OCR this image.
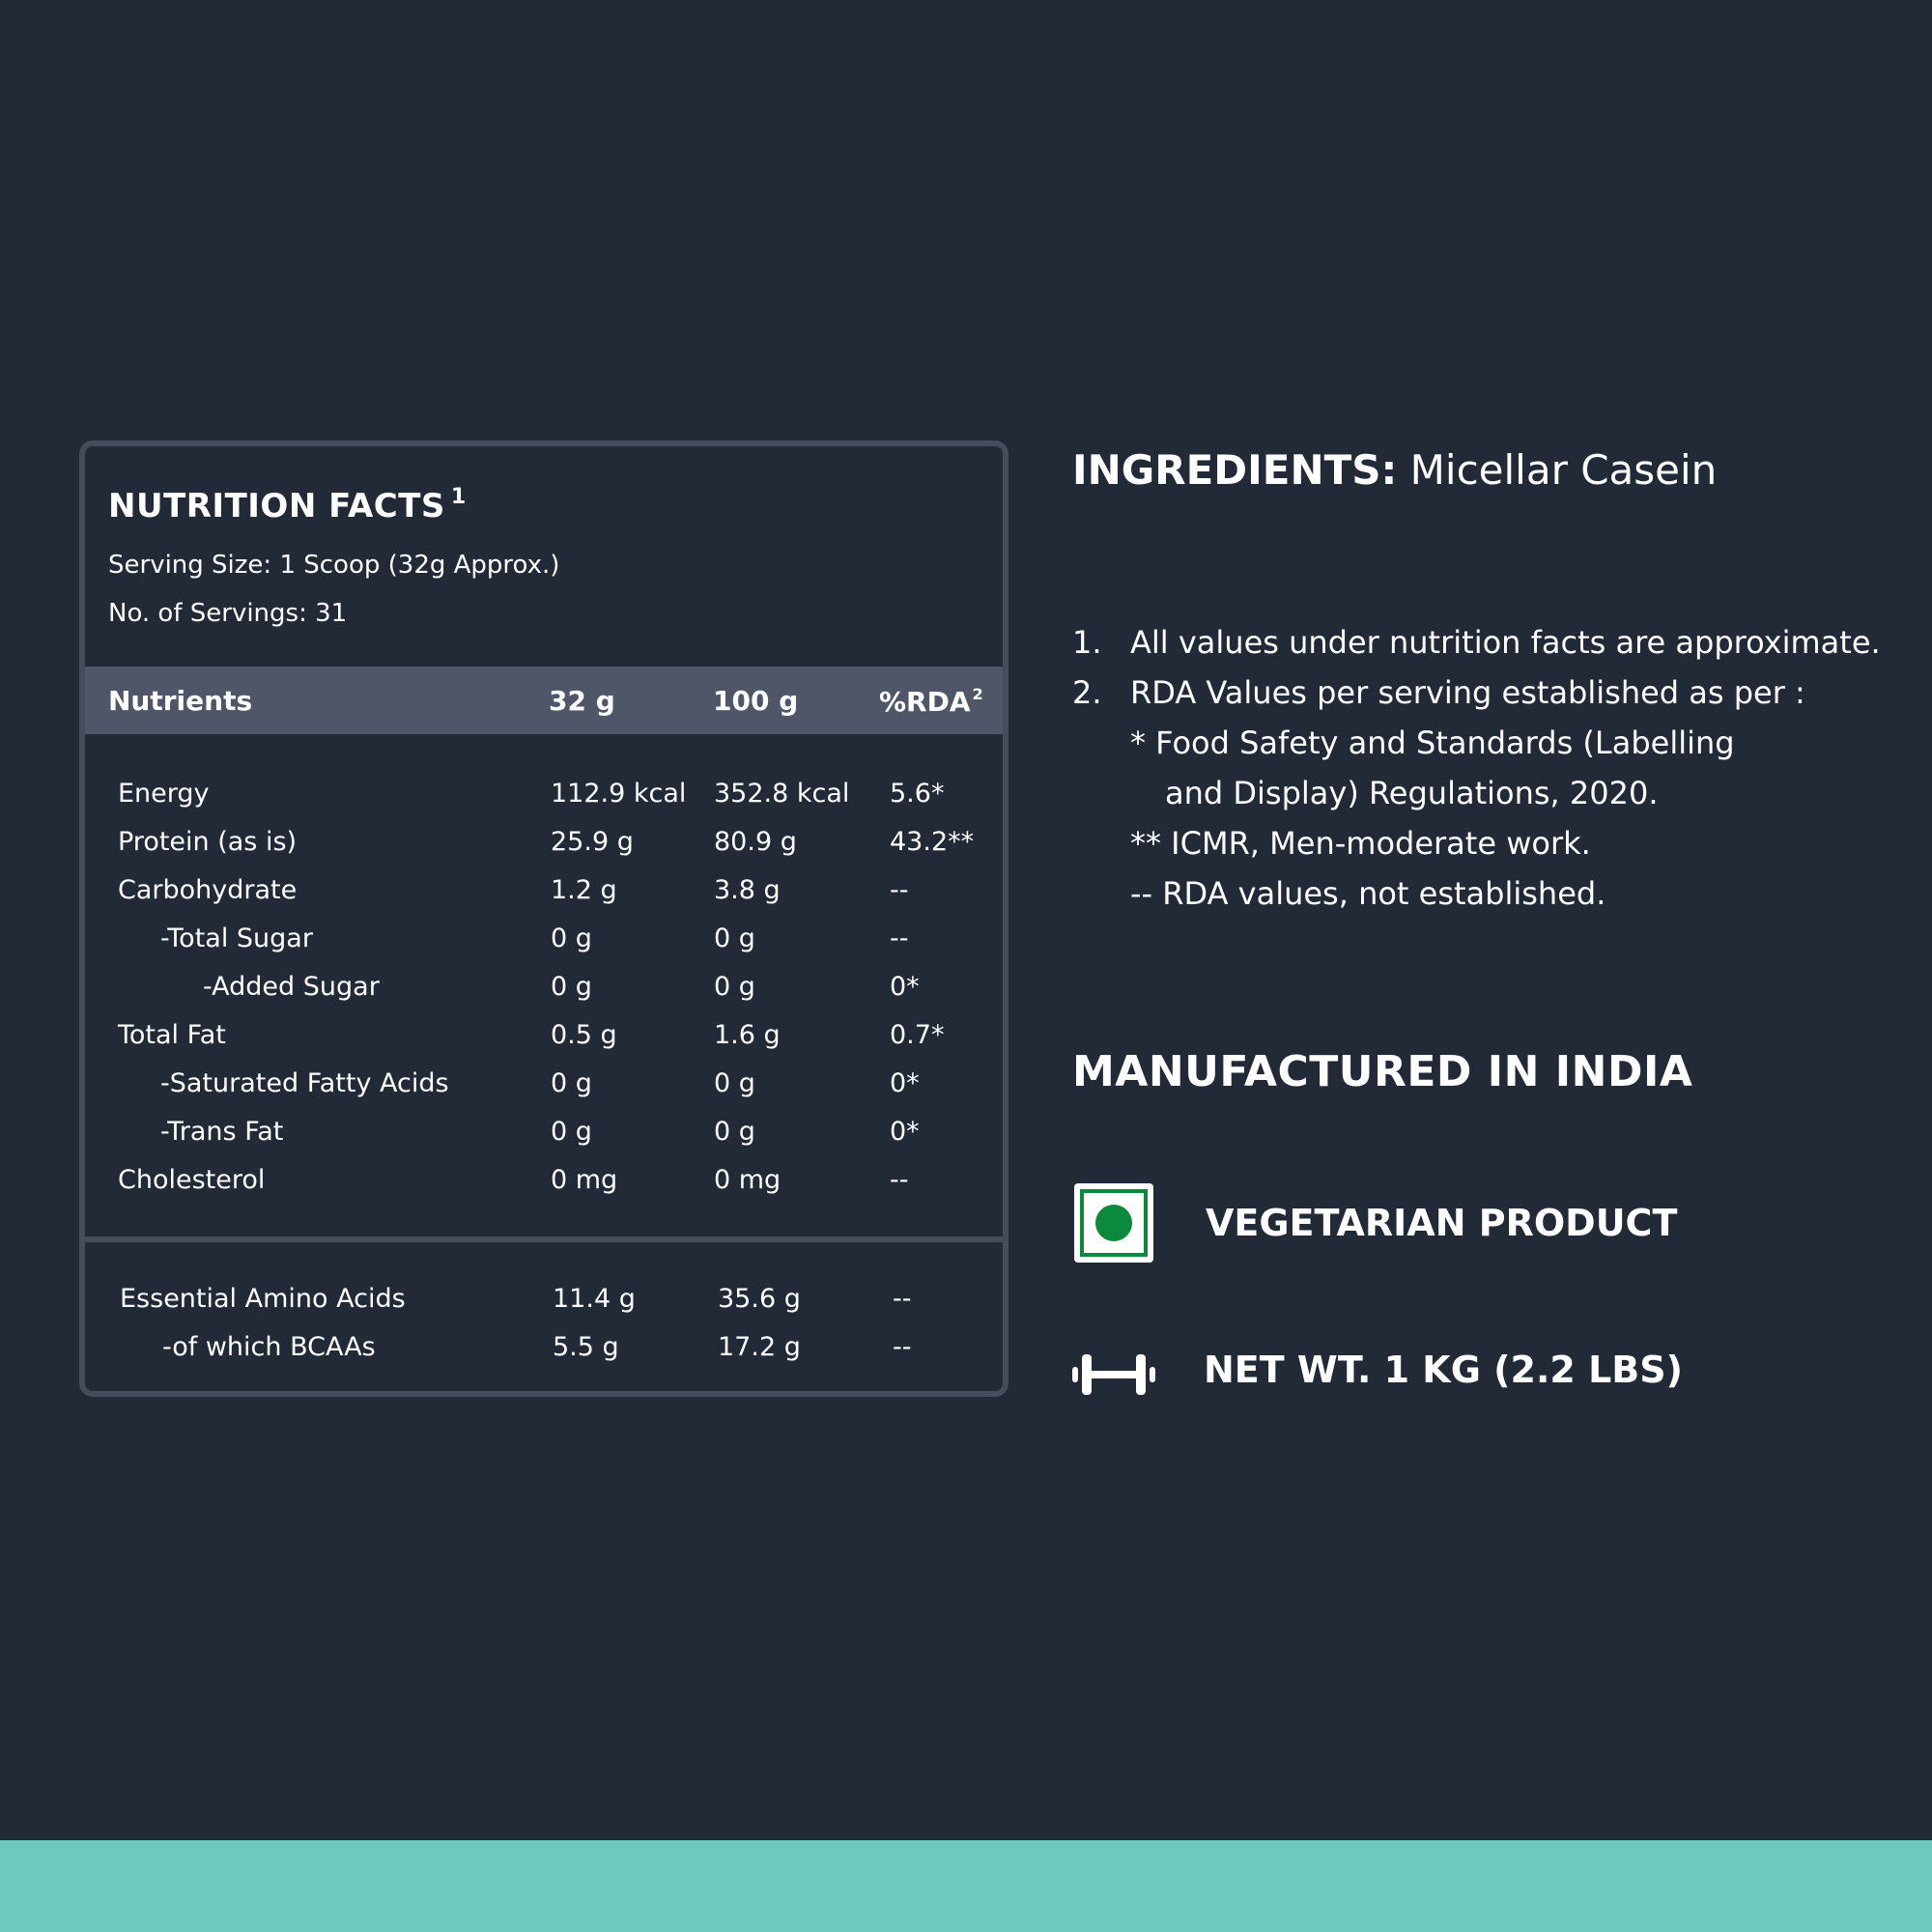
NUTRITION FACTS $^1$
Serving Size: 1 Scoop (32g Approx.)
No. of Servings: 31
Nutrients	32 g	100 g	%RDA $^2$
Energy	112.9 kcal 352.8 kcal 5.6*
Protein (as is)	25.9 g	80.9 g	43.2**
Carbohydrate	1.2 g	3.8 g	--
-Total Sugar	0 g	0 g	--
-Added Sugar	0 g	0 g	0*
Total Fat	0.5 g	1.6 g	0.7*
-Saturated Fatty Acids	0 g	0 g	0*
-Trans Fat	0 g	0 g	0*
Cholesterol	0 mg	0 mg	--
Essential Amino Acids	11.4 g	35.6 g	--
-of which BCAAs	5.5 g	17.2 g	--
INGREDIENTS: Micellar Casein
1. All values under nutrition facts are approximate.
2. RDA Values per serving established as per :
* Food Safety and Standards (Labelling
and Display) Regulations, 2020.
** ICMR, Men-moderate work.
-- RDA values, not established.
MANUFACTURED IN INDIA
VEGETARIAN PRODUCT
NET WT. 1 KG (2.2 LBS)
